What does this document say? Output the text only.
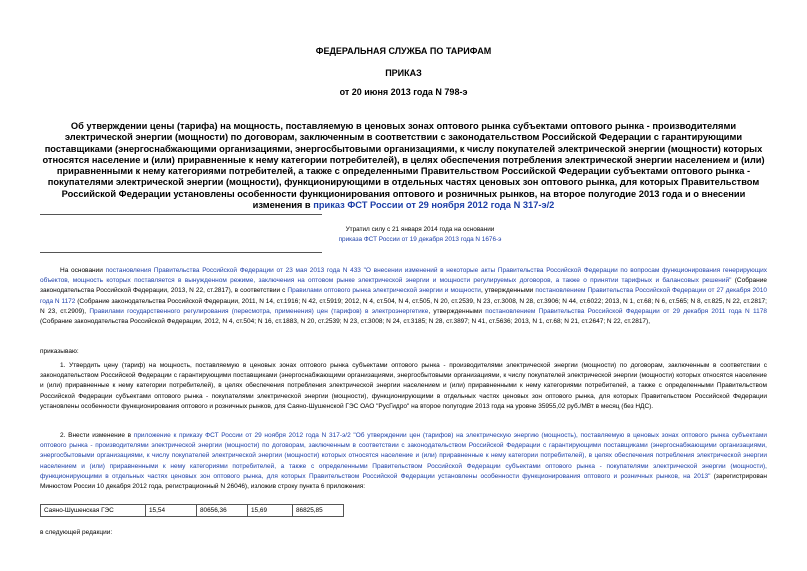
ФЕДЕРАЛЬНАЯ СЛУЖБА ПО ТАРИФАМ
ПРИКАЗ
от 20 июня 2013 года N 798-э
Об утверждении цены (тарифа) на мощность, поставляемую в ценовых зонах оптового рынка субъектами оптового рынка - производителями электрической энергии (мощности) по договорам, заключенным в соответствии с законодательством Российской Федерации с гарантирующими поставщиками (энергоснабжающими организациями, энергосбытовыми организациями, к числу покупателей электрической энергии (мощности) которых относятся население и (или) приравненные к нему категории потребителей), в целях обеспечения потребления электрической энергии населением и (или) приравненными к нему категориями потребителей, а также с определенными Правительством Российской Федерации субъектами оптового рынка - покупателями электрической энергии (мощности), функционирующими в отдельных частях ценовых зон оптового рынка, для которых Правительством Российской Федерации установлены особенности функционирования оптового и розничных рынков, на второе полугодие 2013 года и о внесении изменения в приказ ФСТ России от 29 ноября 2012 года N 317-э/2
Утратил силу с 21 января 2014 года на основании
приказа ФСТ России от 19 декабря 2013 года N 1676-э
На основании постановления Правительства Российской Федерации от 23 мая 2013 года N 433 "О внесении изменений в некоторые акты Правительства Российской Федерации по вопросам функционирования генерирующих объектов, мощность которых поставляется в вынужденном режиме, заключения на оптовом рынке электрической энергии и мощности регулируемых договоров, а также о принятии тарифных и балансовых решений" (Собрание законодательства Российской Федерации, 2013, N 22, ст.2817), в соответствии с Правилами оптового рынка электрической энергии и мощности, утвержденными постановлением Правительства Российской Федерации от 27 декабря 2010 года N 1172 (Собрание законодательства Российской Федерации, 2011, N 14, ст.1916; N 42, ст.5919; 2012, N 4, ст.504, N 4, ст.505, N 20, ст.2539, N 23, ст.3008, N 28, ст.3906; N 44, ст.6022; 2013, N 1, ст.68; N 6, ст.565; N 8, ст.825, N 22, ст.2817; N 23, ст.2909), Правилами государственного регулирования (пересмотра, применения) цен (тарифов) в электроэнергетике, утвержденными постановлением Правительства Российской Федерации от 29 декабря 2011 года N 1178 (Собрание законодательства Российской Федерации, 2012, N 4, ст.504; N 16, ст.1883, N 20, ст.2539; N 23, ст.3008; N 24, ст.3185; N 28, ст.3897; N 41, ст.5636; 2013, N 1, ст.68; N 21, ст.2647; N 22, ст.2817),
приказываю:
1. Утвердить цену (тариф) на мощность, поставляемую в ценовых зонах оптового рынка субъектами оптового рынка - производителями электрической энергии (мощности) по договорам, заключенным в соответствии с законодательством Российской Федерации с гарантирующими поставщиками (энергоснабжающими организациями, энергосбытовыми организациями, к числу покупателей электрической энергии (мощности) которых относятся население и (или) приравненные к нему категории потребителей), в целях обеспечения потребления электрической энергии населением и (или) приравненными к нему категориями потребителей, а также с определенными Правительством Российской Федерации субъектами оптового рынка - покупателями электрической энергии (мощности), функционирующими в отдельных частях ценовых зон оптового рынка, для которых Правительством Российской Федерации установлены особенности функционирования оптового и розничных рынков, для Саяно-Шушенской ГЭС ОАО "РусГидро" на второе полугодие 2013 года на уровне 35955,02 руб./МВт в месяц (без НДС).
2. Внести изменение в приложение к приказу ФСТ России от 29 ноября 2012 года N 317-э/2 "Об утверждении цен (тарифов) на электрическую энергию (мощность), поставляемую в ценовых зонах оптового рынка субъектами оптового рынка - производителями электрической энергии (мощности) по договорам, заключенным в соответствии с законодательством Российской Федерации с гарантирующими поставщиками (энергоснабжающими организациями, энергосбытовыми организациями, к числу покупателей электрической энергии (мощности) которых относятся население и (или) приравненные к нему категории потребителей), в целях обеспечения потребления электрической энергии населением и (или) приравненными к нему категориями потребителей, а также с определенными Правительством Российской Федерации субъектами оптового рынка - покупателями электрической энергии (мощности), функционирующими в отдельных частях ценовых зон оптового рынка, для которых Правительством Российской Федерации установлены особенности функционирования оптового и розничных рынков, на 2013" (зарегистрирован Минюстом России 10 декабря 2012 года, регистрационный N 26046), изложив строку пункта 6 приложения:
Саяно-Шушенская ГЭС	15,54	80656,36	15,69	86825,85
в следующей редакции:
